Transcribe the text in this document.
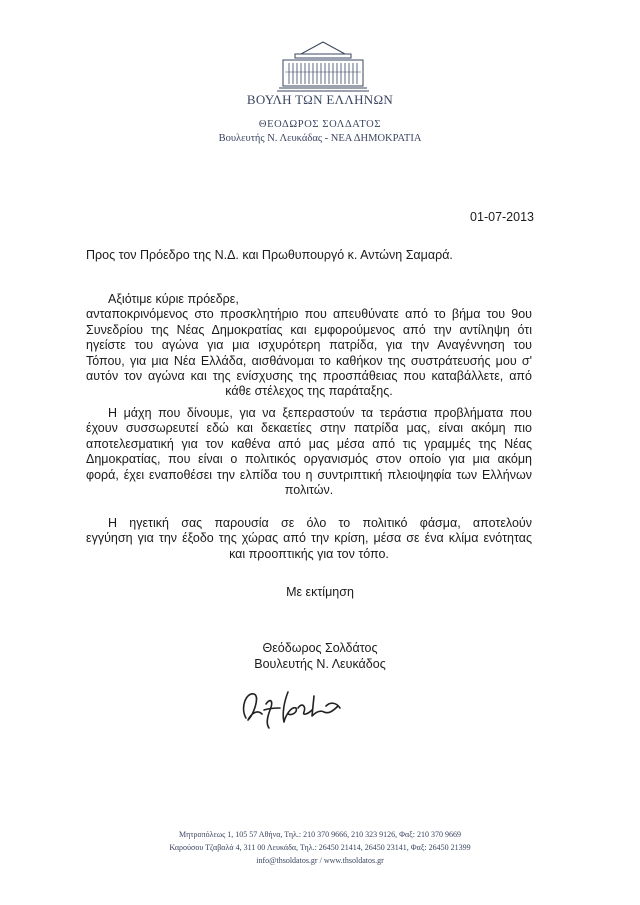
ΒΟΥΛΗ ΤΩΝ ΕΛΛΗΝΩΝ
ΘΕΟΔΩΡΟΣ ΣΟΛΔΑΤΟΣ
Βουλευτής Ν. Λευκάδας - ΝΕΑ ΔΗΜΟΚΡΑΤΙΑ
01-07-2013
Προς τον Πρόεδρο της Ν.Δ. και Πρωθυπουργό κ. Αντώνη Σαμαρά.
Αξιότιμε κύριε πρόεδρε,
ανταποκρινόμενος στο προσκλητήριο που απευθύνατε από το βήμα του 9ου
Συνεδρίου της Νέας Δημοκρατίας και εμφορούμενος από την αντίληψη ότι
ηγείστε του αγώνα για μια ισχυρότερη πατρίδα, για την Αναγέννηση του
Τόπου, για μια Νέα Ελλάδα, αισθάνομαι το καθήκον της συστράτευσής μου σ'
αυτόν τον αγώνα και της ενίσχυσης της προσπάθειας που καταβάλλετε, από
κάθε στέλεχος της παράταξης.
Η μάχη που δίνουμε, για να ξεπεραστούν τα τεράστια προβλήματα που
έχουν συσσωρευτεί εδώ και δεκαετίες στην πατρίδα μας, είναι ακόμη πιο
αποτελεσματική για τον καθένα από μας μέσα από τις γραμμές της Νέας
Δημοκρατίας, που είναι ο πολιτικός οργανισμός στον οποίο για μια ακόμη
φορά, έχει εναποθέσει την ελπίδα του η συντριπτική πλειοψηφία των Ελλήνων
πολιτών.
Η ηγετική σας παρουσία σε όλο το πολιτικό φάσμα, αποτελούν
εγγύηση για την έξοδο της χώρας από την κρίση, μέσα σε ένα κλίμα ενότητας
και προοπτικής για τον τόπο.
Με εκτίμηση
Θεόδωρος Σολδάτος
Βουλευτής Ν. Λευκάδος
Μητροπόλεως 1, 105 57 Αθήνα, Τηλ.: 210 370 9666, 210 323 9126, Φαξ: 210 370 9669
Καρούσου Τζαβαλά 4, 311 00 Λευκάδα, Τηλ.: 26450 21414, 26450 23141, Φαξ: 26450 21399
info@thsoldatos.gr / www.thsoldatos.gr
